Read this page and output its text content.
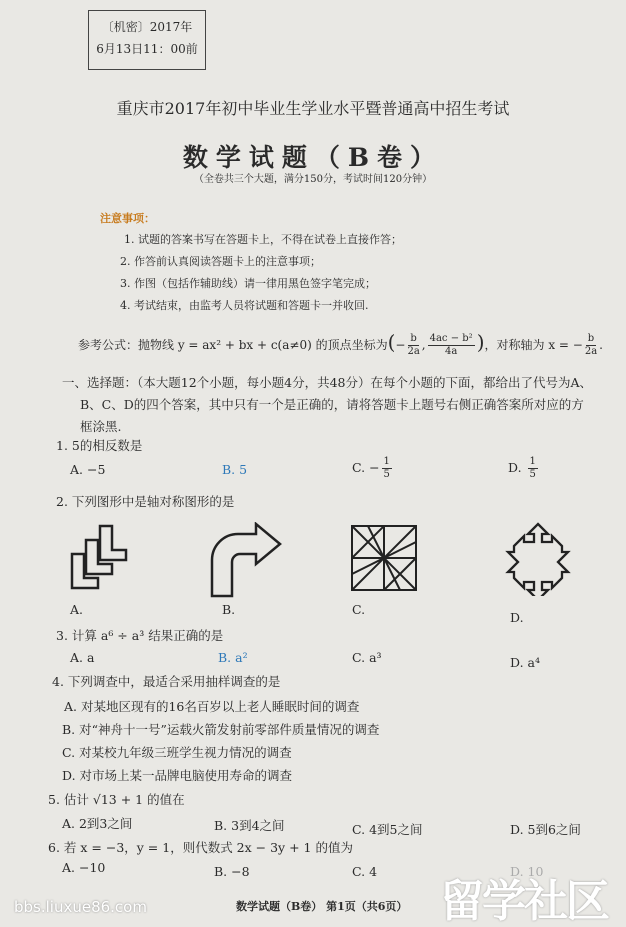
〔机密〕2017年
6月13日11：00前
重庆市2017年初中毕业生学业水平暨普通高中招生考试
数学试题（B卷）
（全卷共三个大题，满分150分，考试时间120分钟）
注意事项：
1. 试题的答案书写在答题卡上，不得在试卷上直接作答；
2. 作答前认真阅读答题卡上的注意事项；
3. 作图（包括作辅助线）请一律用黑色签字笔完成；
4. 考试结束，由监考人员将试题和答题卡一并收回.
参考公式：抛物线 y = ax² + bx + c(a≠0) 的顶点坐标为(− $\frac{b}{2a}$ , $\frac{\text{4ac − b²}}{4a}$ )，对称轴为 x = − $\frac{b}{2a}$ .
一、选择题：（本大题12个小题，每小题4分，共48分）在每个小题的下面，都给出了代号为A、
B、C、D的四个答案，其中只有一个是正确的，请将答题卡上题号右侧正确答案所对应的方
框涂黑.
1. 5的相反数是
A. −5	B. 5	C. − $\frac{1}{5}$	D. $\frac{1}{5}$
2. 下列图形中是轴对称图形的是
A.	B.	C.
D.
3. 计算 a⁶ ÷ a³ 结果正确的是
A. a	B. a²	C. a³	D. a⁴
4. 下列调查中，最适合采用抽样调查的是
A. 对某地区现有的16名百岁以上老人睡眠时间的调查
B. 对“神舟十一号”运载火箭发射前零部件质量情况的调查
C. 对某校九年级三班学生视力情况的调查
D. 对市场上某一品牌电脑使用寿命的调查
5. 估计 √13 + 1 的值在
A. 2到3之间	B. 3到4之间	C. 4到5之间	D. 5到6之间
6. 若 x = −3，y = 1，则代数式 2x − 3y + 1 的值为
A. −10	B. −8	C. 4	D. 10
数学试题（B卷） 第1页（共6页） 留学社区
bbs.liuxue86.com
